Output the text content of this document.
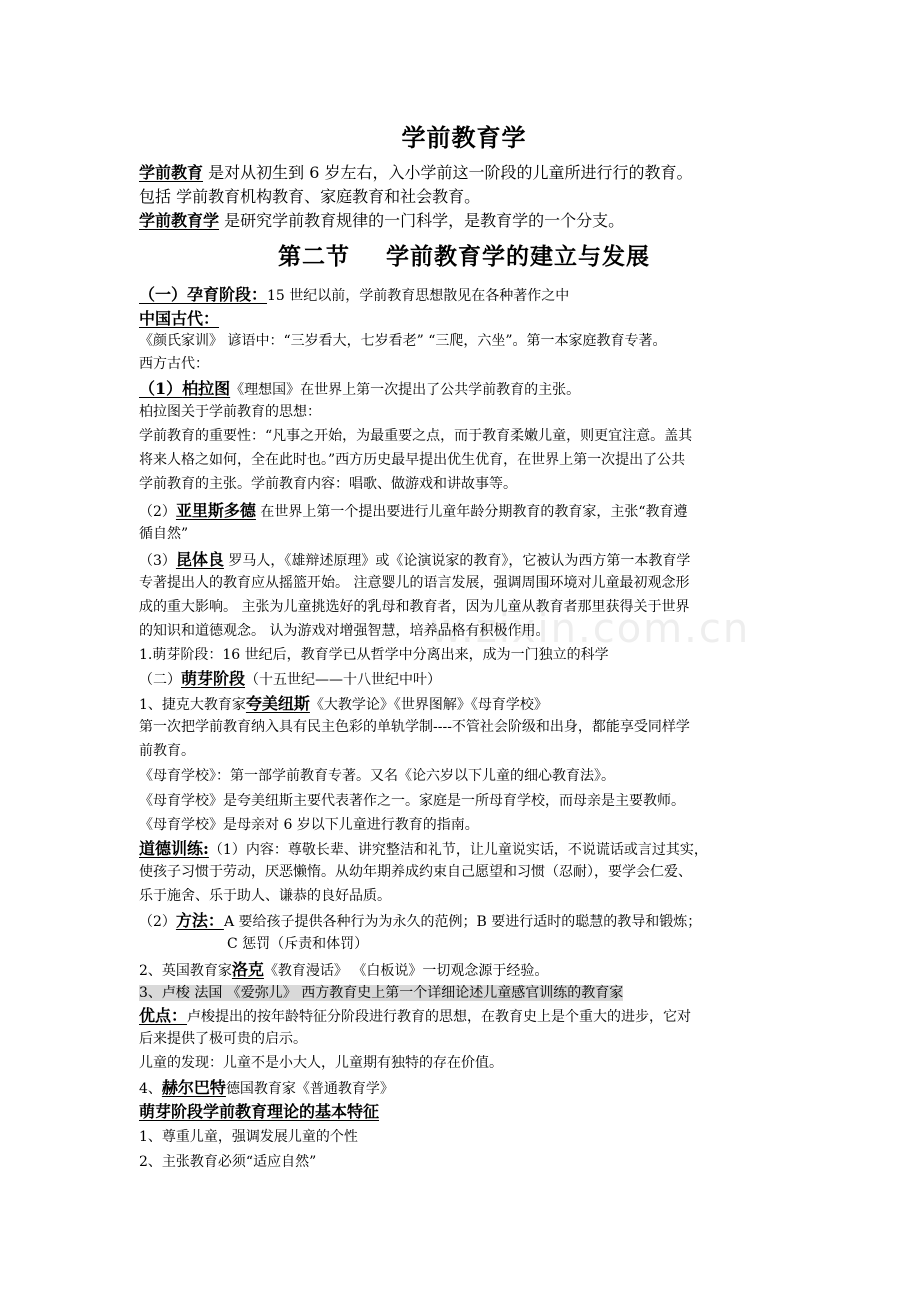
w.zixin.com.cn
学前教育学
学前教育 是对从初生到 6 岁左右，入小学前这一阶段的儿童所进行行的教育。
包括 学前教育机构教育、家庭教育和社会教育。
学前教育学 是研究学前教育规律的一门科学，是教育学的一个分支。
第二节 学前教育学的建立与发展
（一）孕育阶段：15 世纪以前，学前教育思想散见在各种著作之中
中国古代：
《颜氏家训》 谚语中：“三岁看大，七岁看老” “三爬，六坐”。第一本家庭教育专著。
西方古代：
（1）柏拉图《理想国》在世界上第一次提出了公共学前教育的主张。
柏拉图关于学前教育的思想：
学前教育的重要性：“凡事之开始，为最重要之点，而于教育柔嫩儿童，则更宜注意。盖其
将来人格之如何，全在此时也。”西方历史最早提出优生优育，在世界上第一次提出了公共
学前教育的主张。学前教育内容：唱歌、做游戏和讲故事等。
（2）亚里斯多德 在世界上第一个提出要进行儿童年龄分期教育的教育家，主张“教育遵
循自然”
（3）昆体良 罗马人，《雄辩述原理》或《论演说家的教育》，它被认为西方第一本教育学
专著提出人的教育应从摇篮开始。 注意婴儿的语言发展，强调周围环境对儿童最初观念形
成的重大影响。 主张为儿童挑选好的乳母和教育者，因为儿童从教育者那里获得关于世界
的知识和道德观念。 认为游戏对增强智慧，培养品格有积极作用。
1.萌芽阶段：16 世纪后，教育学已从哲学中分离出来，成为一门独立的科学
（二）萌芽阶段（十五世纪——十八世纪中叶）
1、捷克大教育家夸美纽斯《大教学论》《世界图解》《母育学校》
第一次把学前教育纳入具有民主色彩的单轨学制----不管社会阶级和出身，都能享受同样学
前教育。
《母育学校》：第一部学前教育专著。又名《论六岁以下儿童的细心教育法》。
《母育学校》是夸美纽斯主要代表著作之一。家庭是一所母育学校，而母亲是主要教师。
《母育学校》是母亲对 6 岁以下儿童进行教育的指南。
道德训练:（1）内容：尊敬长辈、讲究整洁和礼节，让儿童说实话，不说谎话或言过其实，
使孩子习惯于劳动，厌恶懒惰。从幼年期养成约束自己愿望和习惯（忍耐），要学会仁爱、
乐于施舍、乐于助人、谦恭的良好品质。
（2）方法：A 要给孩子提供各种行为为永久的范例；B 要进行适时的聪慧的教导和锻炼；
C 惩罚（斥责和体罚）
2、英国教育家洛克《教育漫话》 《白板说》一切观念源于经验。
3、卢梭 法国 《爱弥儿》 西方教育史上第一个详细论述儿童感官训练的教育家
优点：卢梭提出的按年龄特征分阶段进行教育的思想，在教育史上是个重大的进步，它对
后来提供了极可贵的启示。
儿童的发现：儿童不是小大人，儿童期有独特的存在价值。
4、赫尔巴特德国教育家《普通教育学》
萌芽阶段学前教育理论的基本特征
1、尊重儿童，强调发展儿童的个性
2、主张教育必须“适应自然”
